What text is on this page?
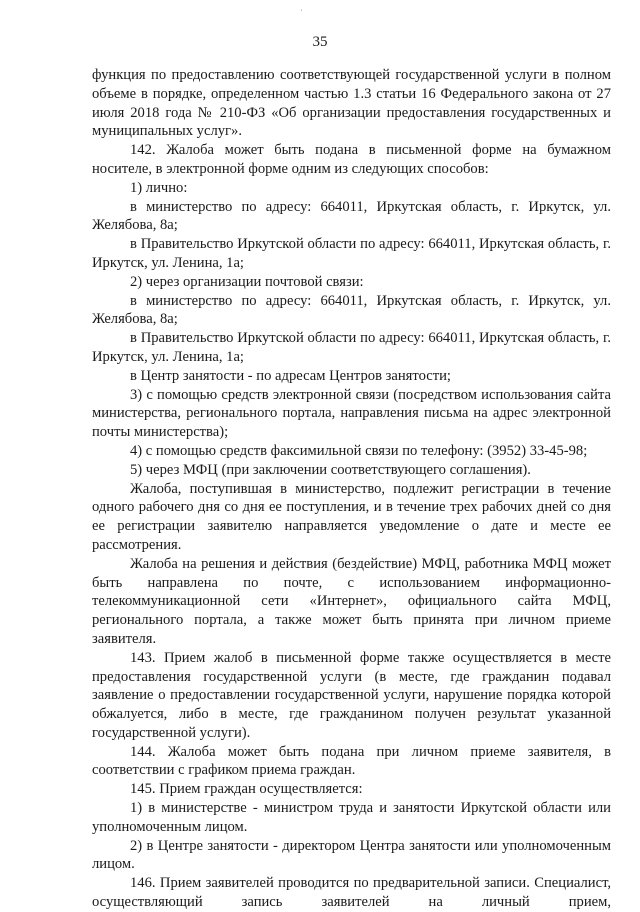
35
·

функция по предоставлению соответствующей государственной услуги в полном объеме в порядке, определенном частью 1.3 статьи 16 Федерального закона от 27 июля 2018 года № 210-ФЗ «Об организации предоставления государственных и муниципальных услуг».

142. Жалоба может быть подана в письменной форме на бумажном носителе, в электронной форме одним из следующих способов:

1) лично:

в министерство по адресу: 664011, Иркутская область, г. Иркутск, ул. Желябова, 8а;

в Правительство Иркутской области по адресу: 664011, Иркутская область, г. Иркутск, ул. Ленина, 1а;

2) через организации почтовой связи:

в министерство по адресу: 664011, Иркутская область, г. Иркутск, ул. Желябова, 8а;

в Правительство Иркутской области по адресу: 664011, Иркутская область, г. Иркутск, ул. Ленина, 1а;

в Центр занятости - по адресам Центров занятости;

3) с помощью средств электронной связи (посредством использования сайта министерства, регионального портала, направления письма на адрес электронной почты министерства);

4) с помощью средств факсимильной связи по телефону: (3952) 33-45-98;

5) через МФЦ (при заключении соответствующего соглашения).

Жалоба, поступившая в министерство, подлежит регистрации в течение одного рабочего дня со дня ее поступления, и в течение трех рабочих дней со дня ее регистрации заявителю направляется уведомление о дате и месте ее рассмотрения.

Жалоба на решения и действия (бездействие) МФЦ, работника МФЦ может быть направлена по почте, с использованием информационно-телекоммуникационной сети «Интернет», официального сайта МФЦ, регионального портала, а также может быть принята при личном приеме заявителя.

143. Прием жалоб в письменной форме также осуществляется в месте предоставления государственной услуги (в месте, где гражданин подавал заявление о предоставлении государственной услуги, нарушение порядка которой обжалуется, либо в месте, где гражданином получен результат указанной государственной услуги).

144. Жалоба может быть подана при личном приеме заявителя, в соответствии с графиком приема граждан.

145. Прием граждан осуществляется:

1) в министерстве - министром труда и занятости Иркутской области или уполномоченным лицом.

2) в Центре занятости - директором Центра занятости или уполномоченным лицом.

146. Прием заявителей проводится по предварительной записи. Специалист, осуществляющий запись заявителей на личный прием,
